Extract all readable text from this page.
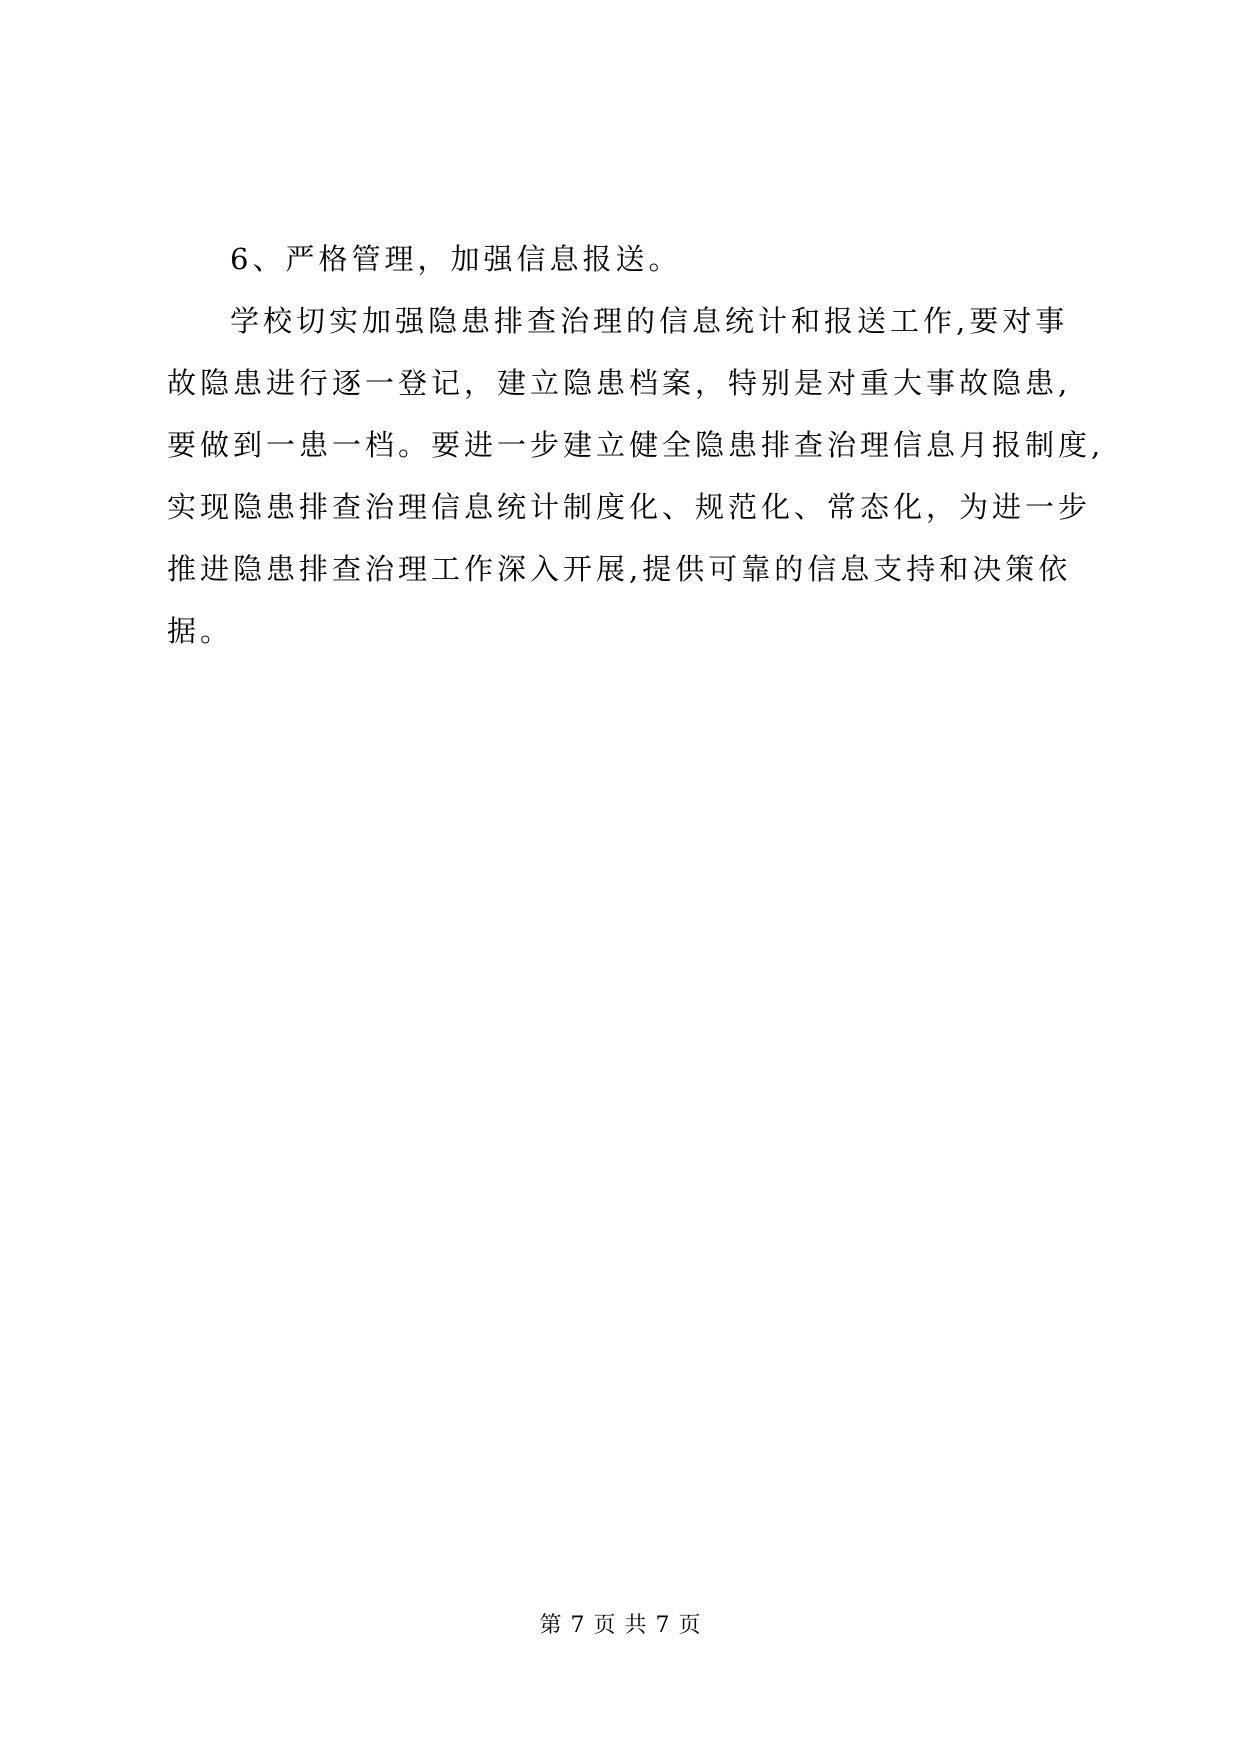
6、严格管理，加强信息报送。

学校切实加强隐患排查治理的信息统计和报送工作,要对事
故隐患进行逐一登记，建立隐患档案，特别是对重大事故隐患,
要做到一患一档。要进一步建立健全隐患排查治理信息月报制度,
实现隐患排查治理信息统计制度化、规范化、常态化，为进一步
推进隐患排查治理工作深入开展,提供可靠的信息支持和决策依
据。

第 7 页 共 7 页
